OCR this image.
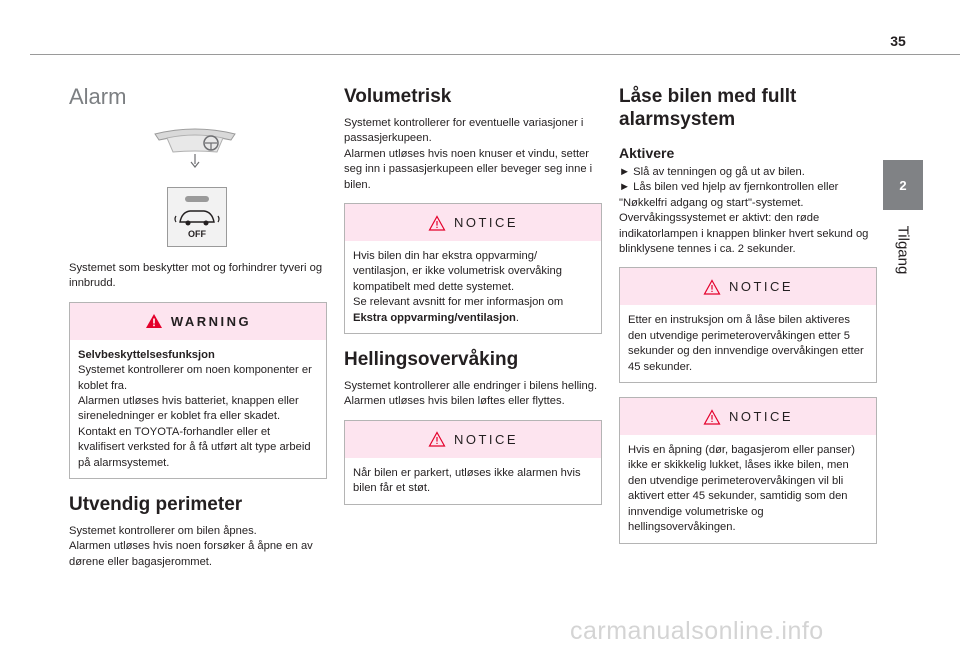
35
2
Tilgang
Alarm
OFF

Systemet som beskytter mot og forhindrer tyveri og innbrudd.

WARNING
Selvbeskyttelsesfunksjon
Systemet kontrollerer om noen komponenter er koblet fra.
Alarmen utløses hvis batteriet, knappen eller sireneledninger er koblet fra eller skadet.
Kontakt en TOYOTA-forhandler eller et kvalifisert verksted for å få utført alt type arbeid på alarmsystemet.
Utvendig perimeter

Systemet kontrollerer om bilen åpnes.

Alarmen utløses hvis noen forsøker å åpne en av dørene eller bagasjerommet.

Volumetrisk

Systemet kontrollerer for eventuelle variasjoner i passasjerkupeen.

Alarmen utløses hvis noen knuser et vindu, setter seg inn i passasjerkupeen eller beveger seg inne i bilen.

NOTICE
Hvis bilen din har ekstra oppvarming/ ventilasjon, er ikke volumetrisk overvåking kompatibelt med dette systemet.
Se relevant avsnitt for mer informasjon om
Ekstra oppvarming/ventilasjon.
Hellingsovervåking

Systemet kontrollerer alle endringer i bilens helling.

Alarmen utløses hvis bilen løftes eller flyttes.

NOTICE
Når bilen er parkert, utløses ikke alarmen hvis bilen får et støt.
Låse bilen med fullt alarmsystem
Aktivere

► Slå av tenningen og gå ut av bilen.

► Lås bilen ved hjelp av fjernkontrollen eller "Nøkkelfri adgang og start"-systemet.

Overvåkingssystemet er aktivt: den røde indikatorlampen i knappen blinker hvert sekund og blinklysene tennes i ca. 2 sekunder.

NOTICE
Etter en instruksjon om å låse bilen aktiveres den utvendige perimeterovervåkingen etter 5 sekunder og den innvendige overvåkingen etter 45 sekunder.
NOTICE
Hvis en åpning (dør, bagasjerom eller panser) ikke er skikkelig lukket, låses ikke bilen, men den utvendige perimeterovervåkingen vil bli aktivert etter 45 sekunder, samtidig som den innvendige volumetriske og hellingsovervåkingen.
carmanualsonline.info
